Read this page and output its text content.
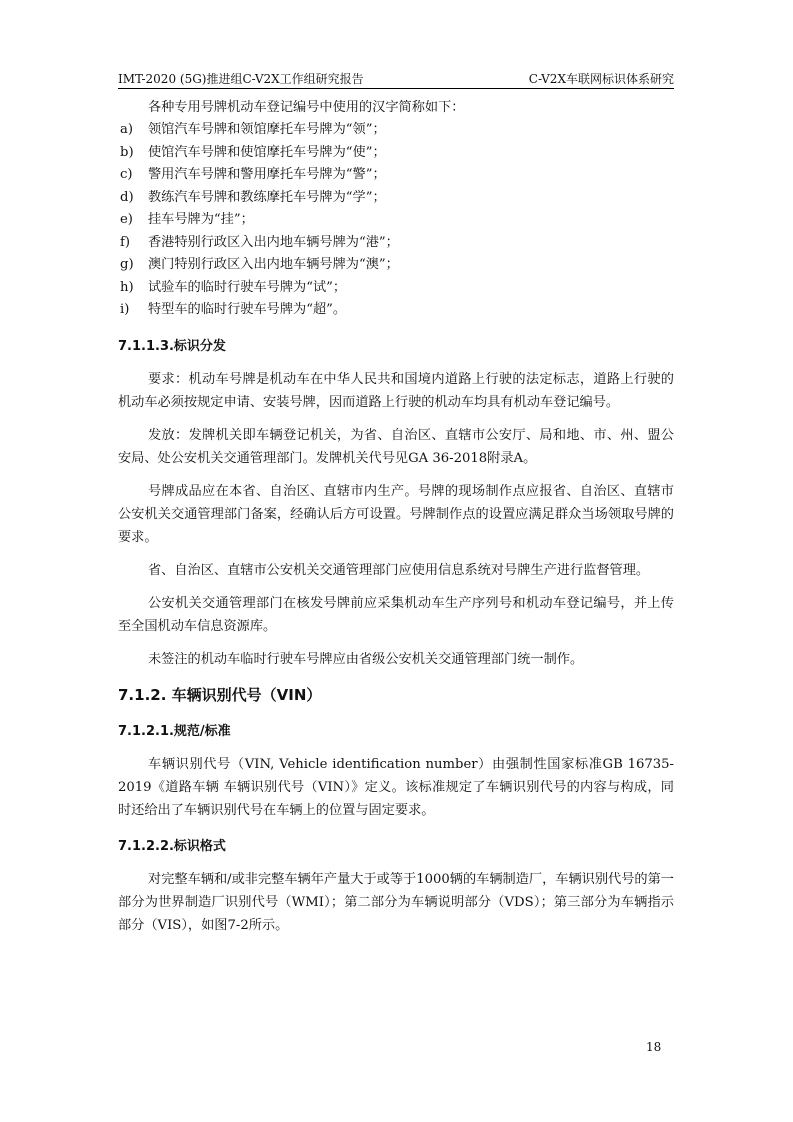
IMT-2020 (5G)推进组C-V2X工作组研究报告	C-V2X车联网标识体系研究
各种专用号牌机动车登记编号中使用的汉字简称如下：
a)	领馆汽车号牌和领馆摩托车号牌为“领”；
b)	使馆汽车号牌和使馆摩托车号牌为“使”；
c)	警用汽车号牌和警用摩托车号牌为“警”；
d)	教练汽车号牌和教练摩托车号牌为“学”；
e)	挂车号牌为“挂”；
f)	香港特别行政区入出内地车辆号牌为“港”；
g)	澳门特别行政区入出内地车辆号牌为“澳”；
h)	试验车的临时行驶车号牌为“试”；
i)	特型车的临时行驶车号牌为“超”。
7.1.1.3.标识分发

要求：机动车号牌是机动车在中华人民共和国境内道路上行驶的法定标志，道路上行驶的机动车必须按规定申请、安装号牌，因而道路上行驶的机动车均具有机动车登记编号。

发放：发牌机关即车辆登记机关，为省、自治区、直辖市公安厅、局和地、市、州、盟公安局、处公安机关交通管理部门。发牌机关代号见GA 36-2018附录A。

号牌成品应在本省、自治区、直辖市内生产。号牌的现场制作点应报省、自治区、直辖市公安机关交通管理部门备案，经确认后方可设置。号牌制作点的设置应满足群众当场领取号牌的要求。

省、自治区、直辖市公安机关交通管理部门应使用信息系统对号牌生产进行监督管理。

公安机关交通管理部门在核发号牌前应采集机动车生产序列号和机动车登记编号，并上传至全国机动车信息资源库。

未签注的机动车临时行驶车号牌应由省级公安机关交通管理部门统一制作。

7.1.2. 车辆识别代号（VIN）
7.1.2.1.规范/标准

车辆识别代号（VIN, Vehicle identification number）由强制性国家标准GB 16735-2019《道路车辆 车辆识别代号（VIN）》定义。该标准规定了车辆识别代号的内容与构成，同时还给出了车辆识别代号在车辆上的位置与固定要求。

7.1.2.2.标识格式

对完整车辆和/或非完整车辆年产量大于或等于1000辆的车辆制造厂，车辆识别代号的第一部分为世界制造厂识别代号（WMI）；第二部分为车辆说明部分（VDS）；第三部分为车辆指示部分（VIS），如图7-2所示。

18
